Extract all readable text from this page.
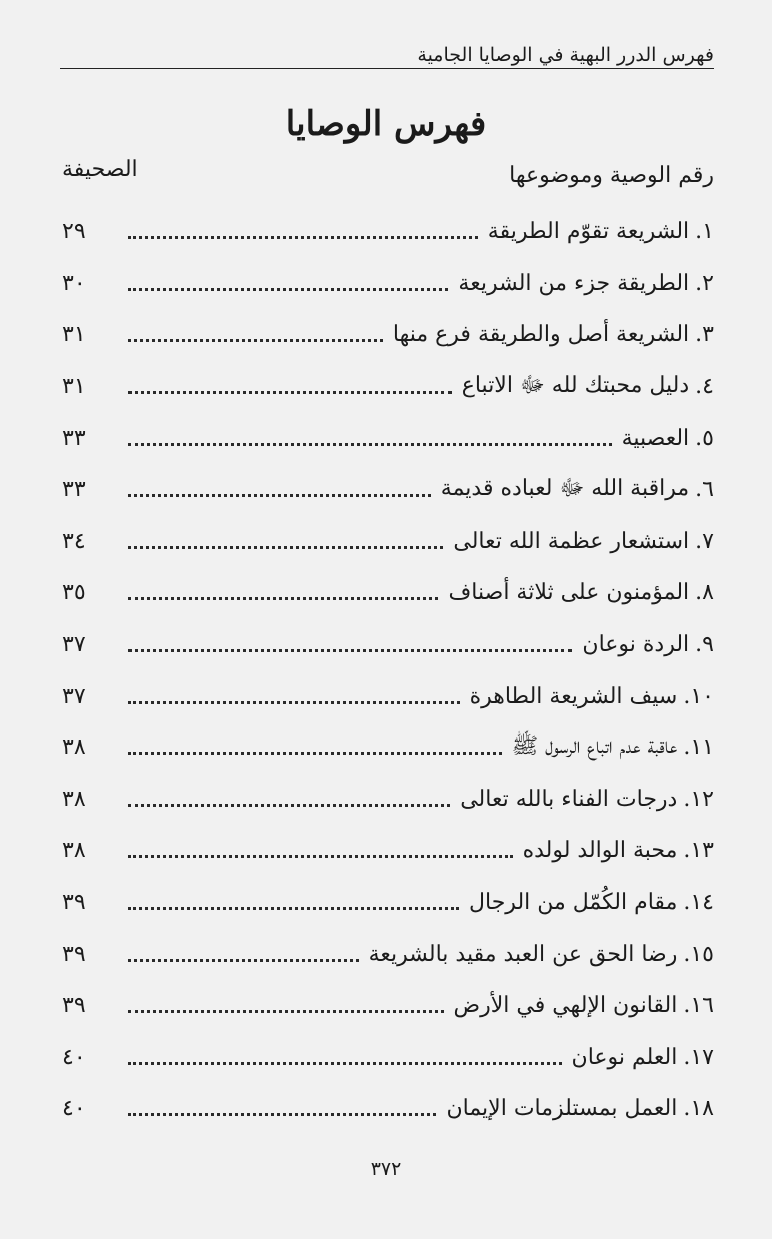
فهرس الدرر البهية في الوصايا الجامية
فهرس الوصايا
رقم الوصية وموضوعها
الصحيفة
١.
الشريعة تقوّم الطريقة
٢٩
٢.
الطريقة جزء من الشريعة
٣٠
٣.
الشريعة أصل والطريقة فرع منها
٣١
٤.
دليل محبتك لله ﷻ الاتباع
٣١
٥.
العصبية
٣٣
٦.
مراقبة الله ﷻ لعباده قديمة
٣٣
٧.
استشعار عظمة الله تعالى
٣٤
٨.
المؤمنون على ثلاثة أصناف
٣٥
٩.
الردة نوعان
٣٧
١٠.
سيف الشريعة الطاهرة
٣٧
١١.
عاقبة عدم اتباع الرسول ﷺ
٣٨
١٢.
درجات الفناء بالله تعالى
٣٨
١٣.
محبة الوالد لولده
٣٨
١٤.
مقام الكُمّل من الرجال
٣٩
١٥.
رضا الحق عن العبد مقيد بالشريعة
٣٩
١٦.
القانون الإلهي في الأرض
٣٩
١٧.
العلم نوعان
٤٠
١٨.
العمل بمستلزمات الإيمان
٤٠
٣٧٢
